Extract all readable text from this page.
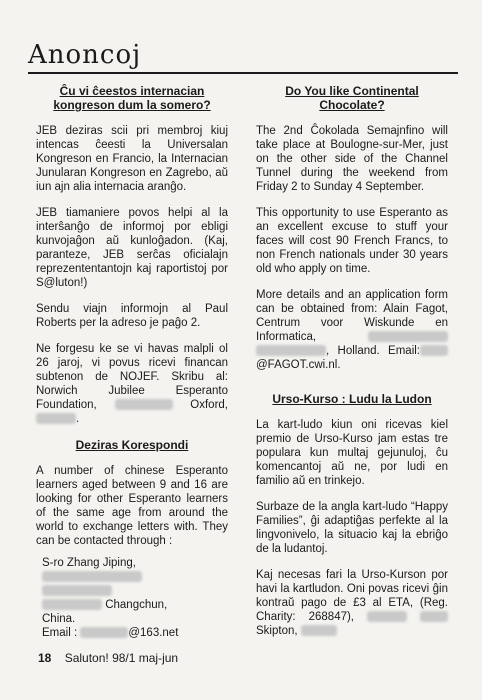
Anoncoj
Ĉu vi ĉeestos internacian
kongreson dum la somero?

JEB deziras scii pri membroj kiuj intencas ĉeesti la Universalan Kongreson en Francio, la Internacian Junularan Kongreson en Zagrebo, aŭ iun ajn alia internacia aranĝo.

JEB tiamaniere povos helpi al la interŝanĝo de informoj por ebligi kunvojaĝon aŭ kunloĝadon. (Kaj, paranteze, JEB serĉas oficialajn reprezententantojn kaj raportistoj por S@luton!)

Sendu viajn informojn al Paul Roberts per la adreso je paĝo 2.

Ne forgesu ke se vi havas malpli ol 26 jaroj, vi povus ricevi financan subtenon de NOJEF. Skribu al: Norwich Jubilee Esperanto Foundation,	Oxford, .

Deziras Korespondi

A number of chinese Esperanto learners aged between 9 and 16 are looking for other Esperanto learners of the same age from around the world to exchange letters with. They can be contacted through :

S-ro Zhang Jiping,
Changchun,
China.
Email :	@163.net
Do You like Continental
Chocolate?

The 2nd Ĉokolada Semajnfino will take place at Boulogne-sur-Mer, just on the other side of the Channel Tunnel during the weekend from Friday 2 to Sunday 4 September.

This opportunity to use Esperanto as an excellent excuse to stuff your faces will cost 90 French Francs, to non French nationals under 30 years old who apply on time.

More details and an application form can be obtained from: Alain Fagot, Centrum voor Wiskunde en Informatica,  , Holland. Email:@FAGOT.cwi.nl.

Urso-Kurso : Ludu la Ludon

La kart-ludo kiun oni ricevas kiel premio de Urso-Kurso jam estas tre populara kun multaj gejunuloj, ĉu komencantoj aŭ ne, por ludi en familio aŭ en trinkejo.

Surbaze de la angla kart-ludo “Happy Families”, ĝi adaptiĝas perfekte al la lingvonivelo, la situacio kaj la ebriĝo de la ludantoj.

Kaj necesas fari la Urso-Kurson por havi la kartludon. Oni povas ricevi ĝin kontraŭ pago de £3 al ETA, (Reg. Charity: 268847),   Skipton,

18 Saluton! 98/1 maj-jun
